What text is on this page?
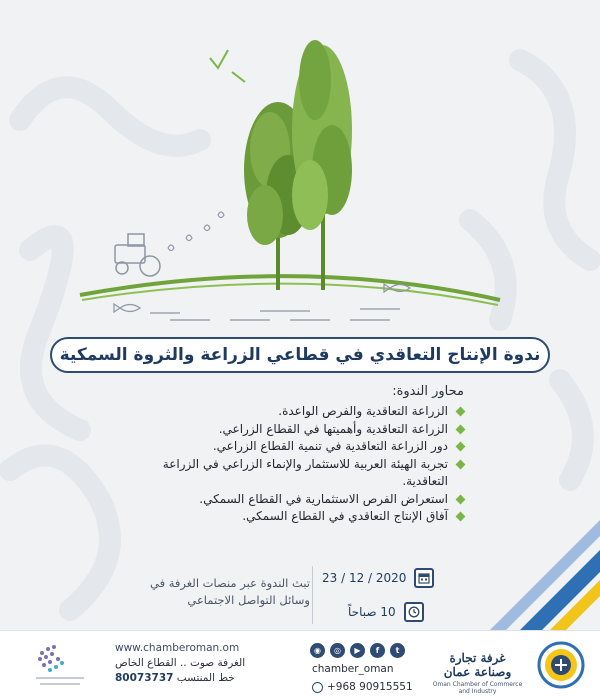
ندوة الإنتاج التعاقدي في قطاعي الزراعة والثروة السمكية
محاور الندوة:
الزراعة التعاقدية والفرص الواعدة.
الزراعة التعاقدية وأهميتها في القطاع الزراعي.
دور الزراعة التعاقدية في تنمية القطاع الزراعي.
تجربة الهيئة العربية للاستثمار والإنماء الزراعي في الزراعة التعاقدية.
استعراض الفرص الاستثمارية في القطاع السمكي.
آفاق الإنتاج التعاقدي في القطاع السمكي.
2020 / 12 / 23
10 صباحاً
تبث الندوة عبر منصات الغرفة في وسائل التواصل الاجتماعي
www.chamberoman.om
الغرفة صوت .. القطاع الخاص
خط المنتسب 80073737
◉ ◎ ▶ f t
chamber_oman
+968 90915551
غرفة تجارة وصناعة عمان
Oman Chamber of Commerce and Industry
